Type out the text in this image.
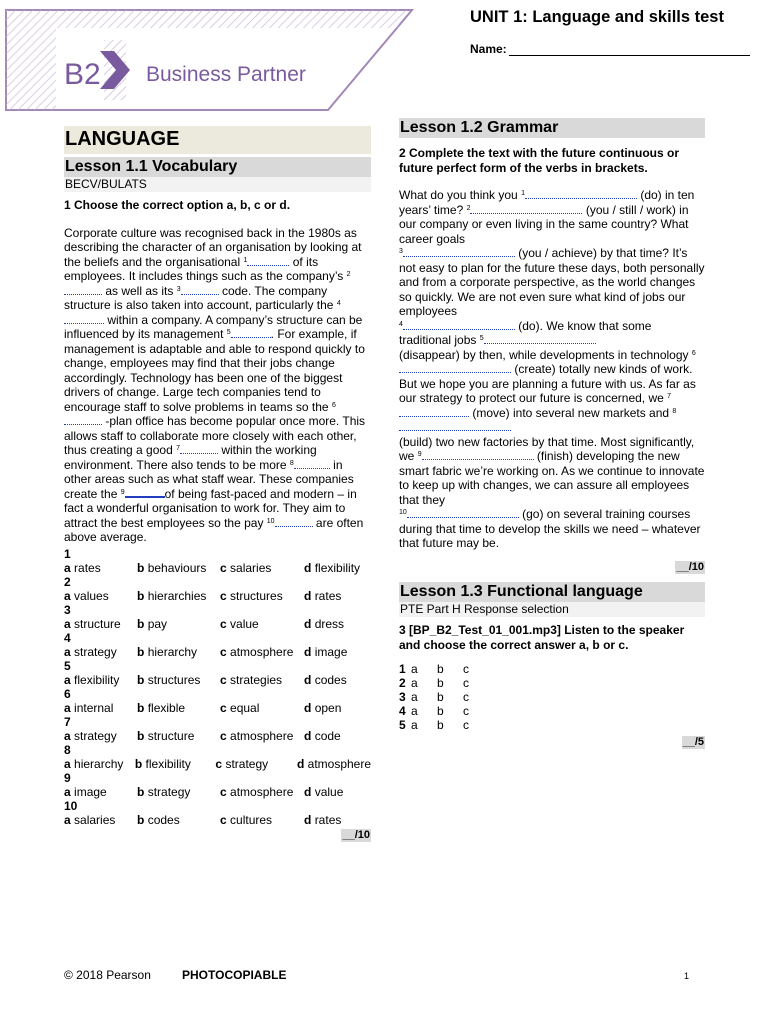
B2 Business Partner
UNIT 1: Language and skills test
Name:
LANGUAGE
Lesson 1.1 Vocabulary
BECV/BULATS
1 Choose the correct option a, b, c or d.
Corporate culture was recognised back in the 1980s as describing the character of an organisation by looking at the beliefs and the organisational $^1$	of its employees. It includes things such as the company’s $^2$ as well as its $^3$	code. The company structure is also taken into account, particularly the $^4$ within a company. A company’s structure can be influenced by its management $^5$	. For example, if management is adaptable and able to respond quickly to change, employees may find that their jobs change accordingly. Technology has been one of the biggest drivers of change. Large tech companies tend to encourage staff to solve problems in teams so the $^6$ -plan office has become popular once more. This allows staff to collaborate more closely with each other, thus creating a good $^7$	within the working environment. There also tends to be more $^8$	in other areas such as what staff wear. These companies create the $^9$	of being fast-paced and modern – in fact a wonderful organisation to work for. They aim to attract the best employees so the pay $^{10}$	are often above average.
1
a rates	b behaviours	c salaries	d flexibility
2
a values	b hierarchies	c structures	d rates
3
a structure	b pay	c value	d dress
4
a strategy	b hierarchy	c atmosphere d image
5
a flexibility	b structures	c strategies	d codes
6
a internal	b flexible	c equal	d open
7
a strategy	b structure	c atmosphere d code
8
a hierarchy b flexibility	c strategy	d atmosphere
9
a image	b strategy	c atmosphere d value
10
a salaries	b codes	c cultures	d rates
__/10
Lesson 1.2 Grammar
2 Complete the text with the future continuous or future perfect form of the verbs in brackets.
What do you think you $^1$	(do) in ten years’ time? $^2$	(you / still / work) in our company or even living in the same country? What career goals
$^3$	(you / achieve) by that time? It’s not easy to plan for the future these days, both personally and from a corporate perspective, as the world changes so quickly. We are not even sure what kind of jobs our employees
$^4$	(do). We know that some traditional jobs $^5$
(disappear) by then, while developments in technology $^6$ (create) totally new kinds of work. But we hope you are planning a future with us. As far as our strategy to protect our future is concerned, we $^7$ (move) into several new markets and $^8$
(build) two new factories by that time. Most significantly, we $^9$	(finish) developing the new smart fabric we’re working on. As we continue to innovate to keep up with changes, we can assure all employees that they
$^{10}$	(go) on several training courses during that time to develop the skills we need – whatever that future may be.
__/10
Lesson 1.3 Functional language
PTE Part H Response selection
3 [BP_B2_Test_01_001.mp3] Listen to the speaker and choose the correct answer a, b or c.
1 a	b	c
2 a	b	c
3 a	b	c
4 a	b	c
5 a	b	c
__/5
© 2018 Pearson	PHOTOCOPIABLE	1
